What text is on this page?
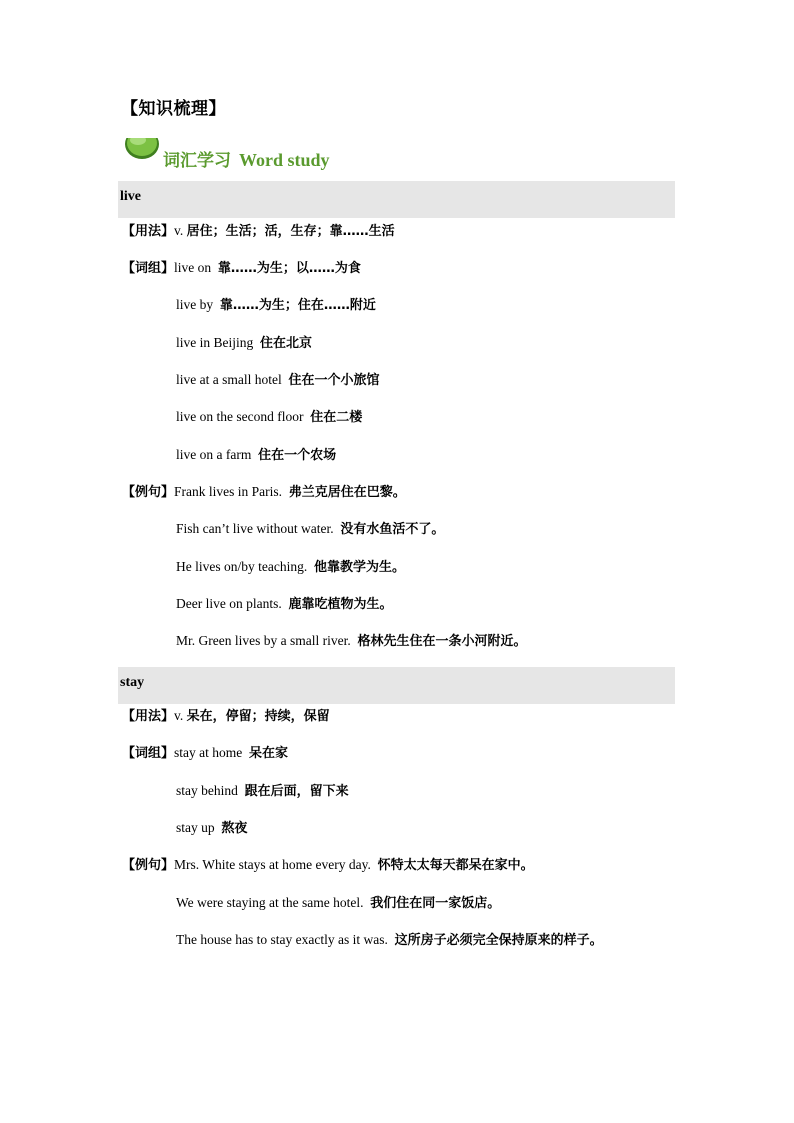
【知识梳理】
词汇学习 Word study
live
【用法】v. 居住；生活；活，生存；靠……生活
【词组】live on 靠……为生；以……为食
live by 靠……为生；住在……附近
live in Beijing 住在北京
live at a small hotel 住在一个小旅馆
live on the second floor 住在二楼
live on a farm 住在一个农场
【例句】Frank lives in Paris. 弗兰克居住在巴黎。
Fish can’t live without water. 没有水鱼活不了。
He lives on/by teaching. 他靠教学为生。
Deer live on plants. 鹿靠吃植物为生。
Mr. Green lives by a small river. 格林先生住在一条小河附近。
stay
【用法】v. 呆在，停留；持续，保留
【词组】stay at home 呆在家
stay behind 跟在后面，留下来
stay up 熬夜
【例句】Mrs. White stays at home every day. 怀特太太每天都呆在家中。
We were staying at the same hotel. 我们住在同一家饭店。
The house has to stay exactly as it was. 这所房子必须完全保持原来的样子。
